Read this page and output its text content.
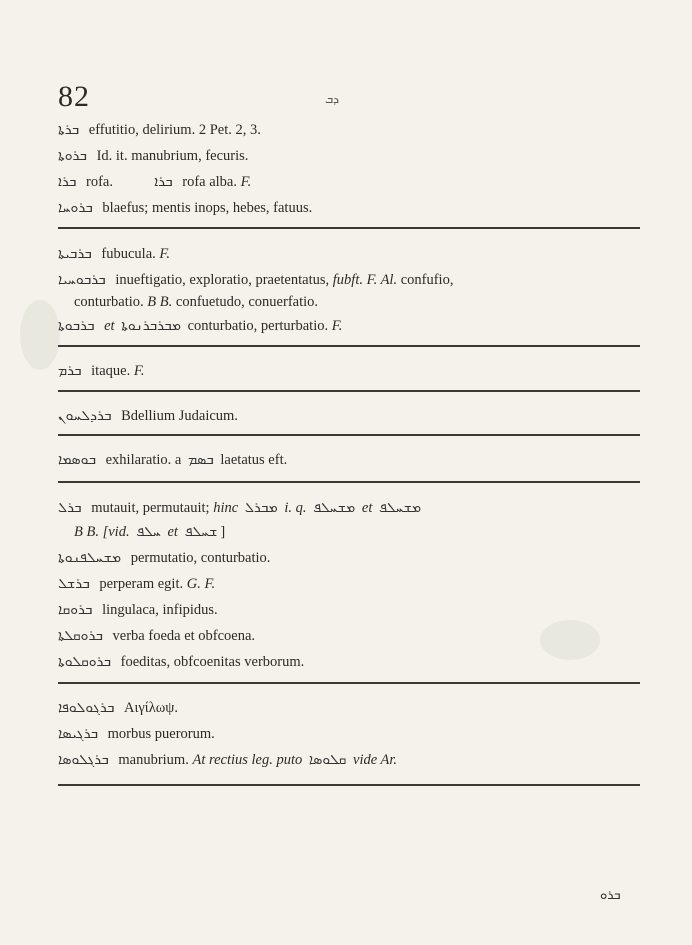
82	ܕܒ
ܒܪܬܐ effutitio, delirium. 2 Pet. 2, 3.
ܒܪܘܬܐ Id. it. manubrium, fecuris.
ܒܪܐ rofa.	ܒܪܐ rofa alba. F.
ܒܪܘܚܐ blaefus; mentis inops, hebes, fatuus.
ܒܪܒܝܬܐ fubucula. F.
ܒܪܒܘܚܝܐ inueftigatio, exploratio, praetentatus, fubft. F. Al. confufio,
conturbatio. B B. confuetudo, conuerfatio.
ܒܪܒܘܬܐ et ܡܒܪܒܪܢܘܬܐ conturbatio, perturbatio. F.
ܒܪܡ itaque. F.
ܒܪܕܠܚܘܢ Bdellium Judaicum.
ܒܘܣܡܐ exhilaratio. a ܒܣܡ laetatus eft.
ܒܪܠ mutauit, permutauit; hinc ܡܒܪܠ i. q. ܡܫܚܠܦ et ܡܫܚܠܦ
B B. [vid. ܚܠܦ et ܫܚܠܦ ]
ܡܫܚܠܦܢܘܬܐ permutatio, conturbatio.
ܒܪܫܠ perperam egit. G. F.
ܒܪܘܩܐ lingulaca, infipidus.
ܒܪܘܩܠܬܐ verba foeda et obfcoena.
ܒܪܘܩܠܘܬܐ foeditas, obfcoenitas verborum.
ܒܪܓܘܠܘܦܐ Αιγίλωψ.
ܒܪܓܝܣܐ morbus puerorum.
ܒܪܓܠܘܣܐ manubrium. At rectius leg. puto ܩܠܘܣܐ vide Ar.
ܒܪܘ
